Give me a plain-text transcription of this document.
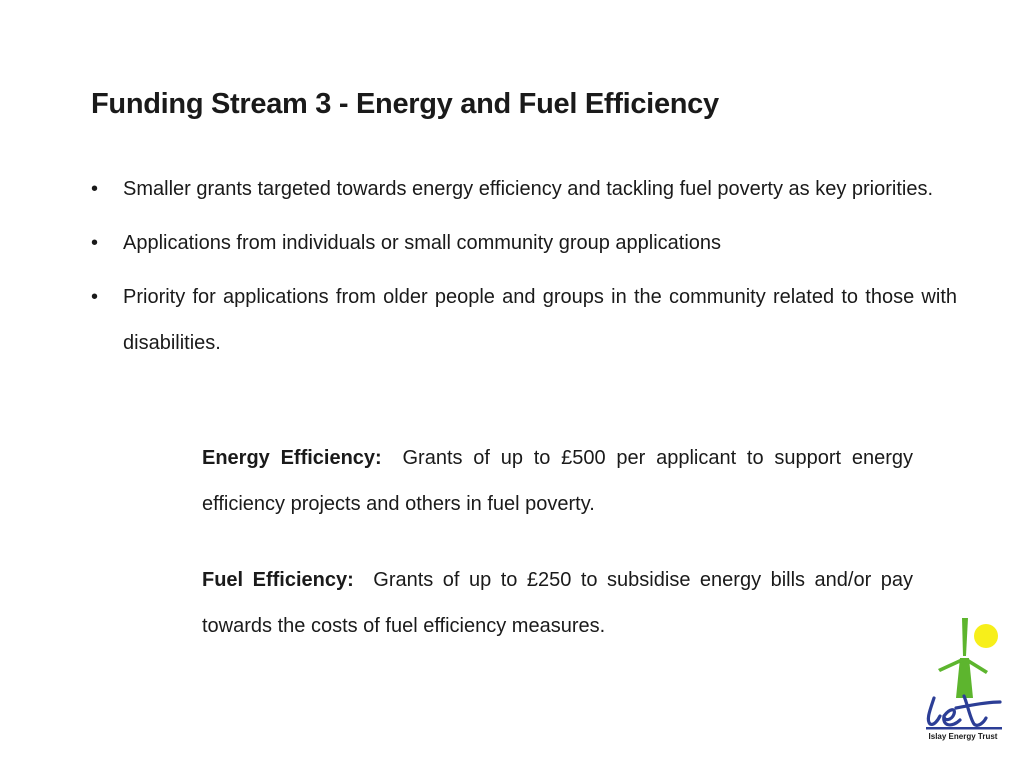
Funding Stream 3 - Energy and Fuel Efficiency
• Smaller grants targeted towards energy efficiency and tackling fuel poverty as key priorities.
• Applications from individuals or small community group applications
• Priority for applications from older people and groups in the community related to those with disabilities.

Energy Efficiency: Grants of up to £500 per applicant to support energy efficiency projects and others in fuel poverty.

Fuel Efficiency: Grants of up to £250 to subsidise energy bills and/or pay towards the costs of fuel efficiency measures.

Islay Energy Trust
